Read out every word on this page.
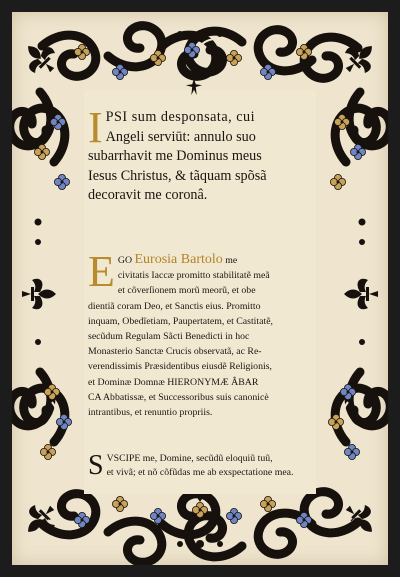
I PSI sum desponsata, cui
Angeli serviūt: annulo suo
subarrhavit me Dominus meus
Iesus Christus, & tãquam spõsã
decoravit me coronâ.
E GO Eurosia Bartolo me
civitatis Iaccæ promitto stabilitatẽ meã
et cõverſionem morũ meorũ, et obe
dientiã coram Deo, et Sanctis eius. Promitto
inquam, Obedĩetiam, Paupertatem, et Castitatẽ,
secũdum Regulam Sãcti Benedicti in hoc
Monasterio Sanctæ Crucis observatã, ac Re-
verendissimis Præsidentibus eiusdẽ Religionis,
et Dominæ Domnæ HIERONYMÆ ÂBAR
CA Abbatissæ, et Successoribus suis canonicè
intrantibus, et renuntio propriis.
S VSCIPE me, Domine, secũdũ eloquiũ tuũ,
et vivã; et nõ cõfũdas me ab exspectatione mea.
